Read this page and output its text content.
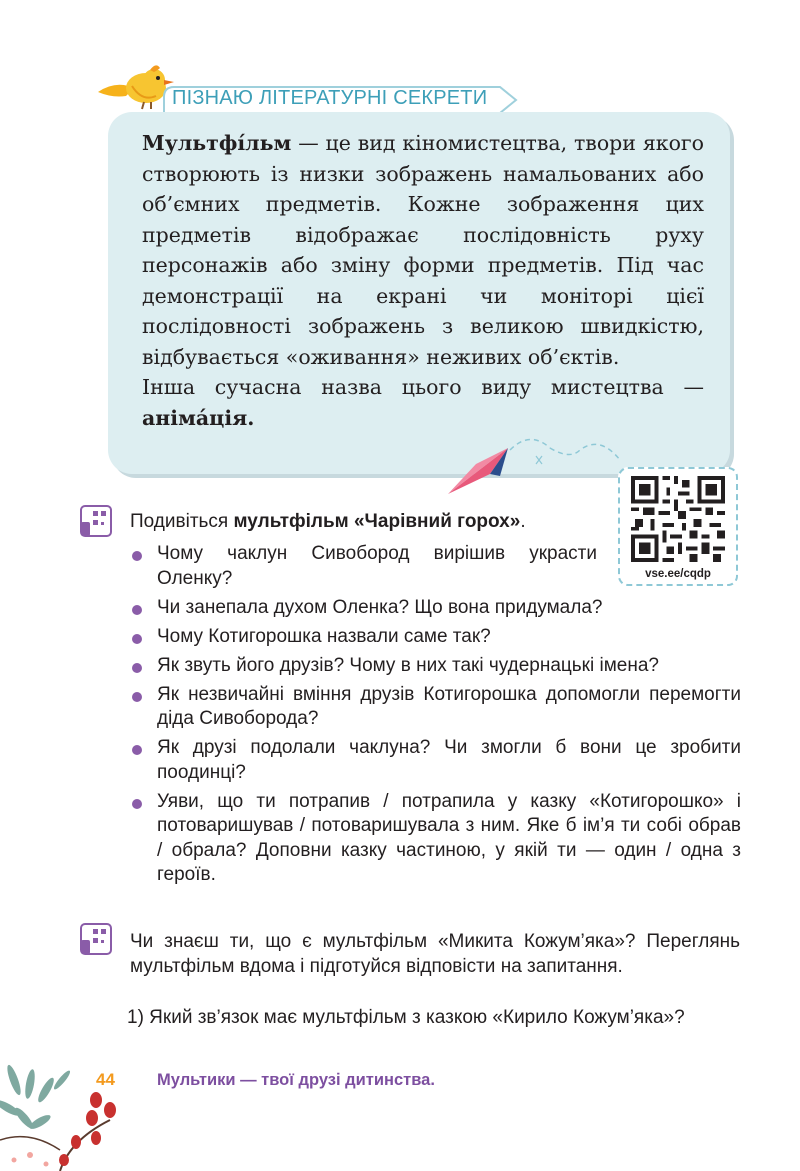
ПІЗНАЮ ЛІТЕРАТУРНІ СЕКРЕТИ

Мультфі́льм — це вид кіномистецтва, твори якого створюють із низки зображень намальованих або об’ємних предметів. Кожне зображення цих предметів відображає послідовність руху персонажів або зміну форми предметів. Під час демонстрації на екрані чи моніторі цієї послідовності зображень з великою швидкістю, відбувається «оживання» неживих об’єктів.

Інша сучасна назва цього виду мистецтва — анімáція.

vse.ee/cqdp
Подивіться мультфільм «Чарівний горох».
Чому чаклун Сивобород вирішив украсти Оленку?
Чи занепала духом Оленка? Що вона придумала?
Чому Котигорошка назвали саме так?
Як звуть його друзів? Чому в них такі чудернацькі імена?
Як незвичайні вміння друзів Котигорошка допомогли перемогти діда Сивоборода?
Як друзі подолали чаклуна? Чи змогли б вони це зробити поодинці?
Уяви, що ти потрапив / потрапила у казку «Котигорошко» і потоваришував / потоваришувала з ним. Яке б ім’я ти собі обрав / обрала? Доповни казку частиною, у якій ти — один / одна з героїв.
Чи знаєш ти, що є мультфільм «Микита Кожум’яка»? Переглянь мультфільм вдома і підготуйся відповісти на запитання.
1) Який зв’язок має мультфільм з казкою «Кирило Кожум’яка»?
44	Мультики — твої друзі дитинства.
